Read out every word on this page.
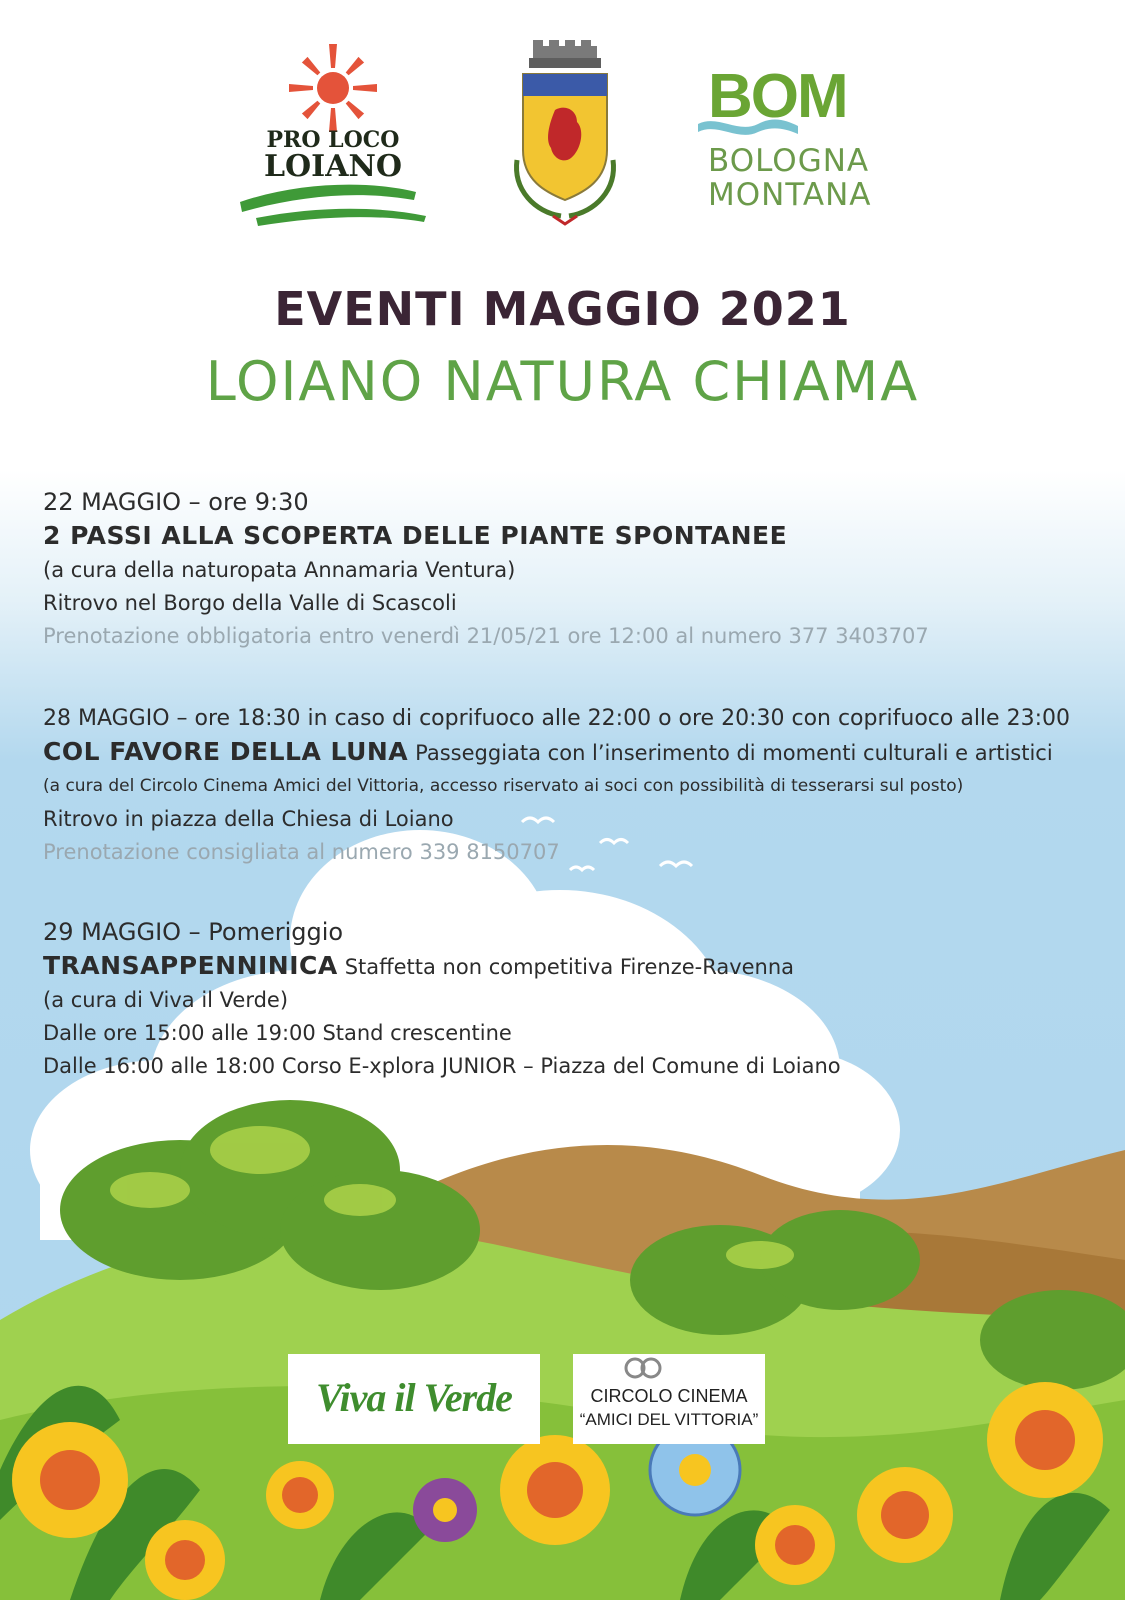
PRO LOCO
LOIANO
BOM
BOLOGNA
MONTANA
EVENTI MAGGIO 2021
LOIANO NATURA CHIAMA
22 MAGGIO – ore 9:30
2 PASSI ALLA SCOPERTA DELLE PIANTE SPONTANEE
(a cura della naturopata Annamaria Ventura)
Ritrovo nel Borgo della Valle di Scascoli
Prenotazione obbligatoria entro venerdì 21/05/21 ore 12:00 al numero 377 3403707
28 MAGGIO – ore 18:30 in caso di coprifuoco alle 22:00 o ore 20:30 con coprifuoco alle 23:00
COL FAVORE DELLA LUNA Passeggiata con l’inserimento di momenti culturali e artistici
(a cura del Circolo Cinema Amici del Vittoria, accesso riservato ai soci con possibilità di tesserarsi sul posto)
Ritrovo in piazza della Chiesa di Loiano
Prenotazione consigliata al numero 339 8150707
29 MAGGIO – Pomeriggio
TRANSAPPENNINICA Staffetta non competitiva Firenze-Ravenna
(a cura di Viva il Verde)
Dalle ore 15:00 alle 19:00 Stand crescentine
Dalle 16:00 alle 18:00 Corso E-xplora JUNIOR – Piazza del Comune di Loiano
Viva il Verde	CIRCOLO CINEMA
“AMICI DEL VITTORIA”
